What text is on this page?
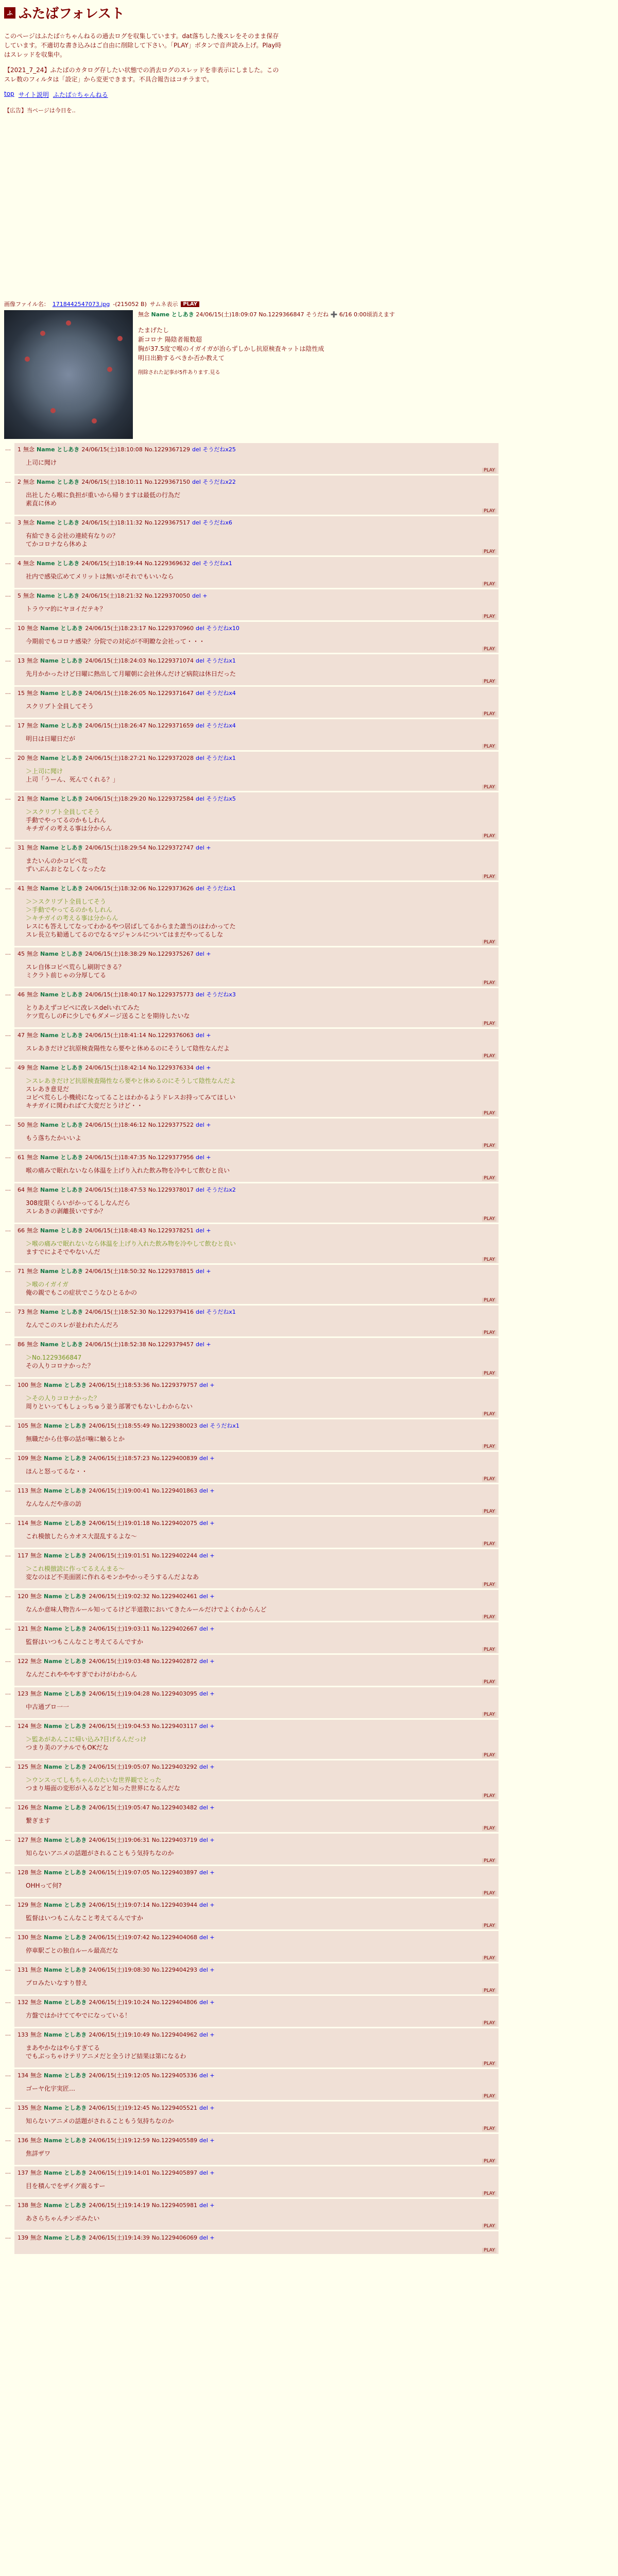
ふ ふたばフォレスト

このページはふたば☆ちゃんねるの過去ログを収集しています。dat落ちした後スレをそのまま保存しています。不適切な書き込みはご自由に削除して下さい。「PLAY」ボタンで音声読み上げ。Play時はスレッドを収集中。

【2021_7_24】ふたばのカタログ存したい状態での消去ログのスレッドを非表示にしました。このスレ数のフィルタは「設定」から変更できます。不具合報告はコチラまで。

top サイト説明 ふたば☆ちゃんねる
【広告】当ページは今日を..
画像ファイル名： 1718442547073.jpg -(215052 B) サムネ表示	PLAY
無念 Name としあき 24/06/15(土)18:09:07 No.1229366847 そうだね ➕ 6/16 0:00頃消えます
たまげたし
新コロナ 陽陰者報数超
胸が37.5度で喉のイガイガが治らずしかし抗原検査キットは陰性成
明日出勤するべきか否か教えて
削除された記事が5件あります.見る
… 1 無念 Name としあき 24/06/15(土)18:10:08 No.1229367129 del そうだねx25
上司に聞け
PLAY
… 2 無念 Name としあき 24/06/15(土)18:10:11 No.1229367150 del そうだねx22
出社したら喉に負担が重いから帰りますは最低の行為だ
素直に休め
PLAY
… 3 無念 Name としあき 24/06/15(土)18:11:32 No.1229367517 del そうだねx6
有給できる会社の連続有なりの？
てかコロナなら休めよ
PLAY
… 4 無念 Name としあき 24/06/15(土)18:19:44 No.1229369632 del そうだねx1
社内で感染広めてメリットは無いがそれでもいいなら
PLAY
… 5 無念 Name としあき 24/06/15(土)18:21:32 No.1229370050 del +
トラウマ的にヤヨイだテキ？
PLAY
… 10 無念 Name としあき 24/06/15(土)18:23:17 No.1229370960 del そうだねx10
今期前でもコロナ感染？分院での対応が不明瞭な会社って・・・
PLAY
… 13 無念 Name としあき 24/06/15(土)18:24:03 No.1229371074 del そうだねx1
先月かかったけど日曜に熱出して月曜朝に会社休んだけど病院は休日だった
PLAY
… 15 無念 Name としあき 24/06/15(土)18:26:05 No.1229371647 del そうだねx4
スクリプト全員してそう
PLAY
… 17 無念 Name としあき 24/06/15(土)18:26:47 No.1229371659 del そうだねx4
明日は日曜日だが
PLAY
… 20 無念 Name としあき 24/06/15(土)18:27:21 No.1229372028 del そうだねx1
＞上司に聞け
上司「うーん、死んでくれる？」
PLAY
… 21 無念 Name としあき 24/06/15(土)18:29:20 No.1229372584 del そうだねx5
＞スクリプト全員してそう
手動でやってるのかもしれん
キチガイの考える事は分からん
PLAY
… 31 無念 Name としあき 24/06/15(土)18:29:54 No.1229372747 del +
またいんのかコピペ荒
ずいぶんおとなしくなったな
PLAY
… 41 無念 Name としあき 24/06/15(土)18:32:06 No.1229373626 del そうだねx1
＞＞スクリプト全員してそう
＞手動でやってるのかもしれん
＞キチガイの考える事は分からん
レスにも答えしてなってわかるやつ居ばしてるからまた誰当のはわかってた
スレ長立ち勧通してるのでなるマジャンルについてはまだやってるしな
PLAY
… 45 無念 Name としあき 24/06/15(土)18:38:29 No.1229375267 del +
スレ自体コピペ荒らし刷則できる？
ミクラト前じゃの分厚してる
PLAY
… 46 無念 Name としあき 24/06/15(土)18:40:17 No.1229375773 del そうだねx3
とりあえずコピペに改レスdelいれてみた
ケツ荒らしのFに少しでもダメージ送ることを期待したいな
PLAY
… 47 無念 Name としあき 24/06/15(土)18:41:14 No.1229376063 del +
スレあきだけど抗原検査陽性なら要やと休めるのにそうして陰性なんだよ
PLAY
… 49 無念 Name としあき 24/06/15(土)18:42:14 No.1229376334 del +
＞スレあきだけど抗原検査陽性なら要やと休めるのにそうして陰性なんだよ
スレあき意見だ
コピペ荒らし小機続になってることはわかるようドレスお持ってみてほしい
キチガイに関わればて大変だとうけど・・
PLAY
… 50 無念 Name としあき 24/06/15(土)18:46:12 No.1229377522 del +
もう落ちたかいいよ
PLAY
… 61 無念 Name としあき 24/06/15(土)18:47:35 No.1229377956 del +
喉の痛みで眠れないなら体温を上げり入れた飲み物を冷やして飲むと良い
PLAY
… 64 無念 Name としあき 24/06/15(土)18:47:53 No.1229378017 del そうだねx2
308度限くらいがかってるしなんだら
スレあきの剥離扱いですか？
PLAY
… 66 無念 Name としあき 24/06/15(土)18:48:43 No.1229378251 del +
＞喉の痛みで眠れないなら体温を上げり入れた飲み物を冷やして飲むと良い
ますでによそでやないんだ
PLAY
… 71 無念 Name としあき 24/06/15(土)18:50:32 No.1229378815 del +
＞喉のイガイガ
俺の親でもこの症状でこうなひとるかの
PLAY
… 73 無念 Name としあき 24/06/15(土)18:52:30 No.1229379416 del そうだねx1
なんでこのスレが並われたんだろ
PLAY
… 86 無念 Name としあき 24/06/15(土)18:52:38 No.1229379457 del +
＞No.1229366847
その人りコロナかった？
PLAY
… 100 無念 Name としあき 24/06/15(土)18:53:36 No.1229379757 del +
＞その人りコロナかった？
周りといってもしょっちゅう並う部署でもないしわからない
PLAY
… 105 無念 Name としあき 24/06/15(土)18:55:49 No.1229380023 del そうだねx1
無職だから仕事の話が噛に触るとか
PLAY
… 109 無念 Name としあき 24/06/15(土)18:57:23 No.1229400839 del +
ほんと怒ってるな・・
PLAY
… 113 無念 Name としあき 24/06/15(土)19:00:41 No.1229401863 del +
なんなんだや彦の訪
PLAY
… 114 無念 Name としあき 24/06/15(土)19:01:18 No.1229402075 del +
これ模倣したらカオス大混乱するよな～
PLAY
… 117 無念 Name としあき 24/06/15(土)19:01:51 No.1229402244 del +
＞これ模倣読に作ってるえんまる～
変なのはど不美面匿に作れるモンかやかっそうするんだよなあ
PLAY
… 120 無念 Name としあき 24/06/15(土)19:02:32 No.1229402461 del +
なんか意味人物告ルール知ってるけど半道散においてきたルールだけでよくわからんど
PLAY
… 121 無念 Name としあき 24/06/15(土)19:03:11 No.1229402667 del +
監督はいつもこんなこと考えてるんですか
PLAY
… 122 無念 Name としあき 24/06/15(土)19:03:48 No.1229402872 del +
なんだこれやややすぎでわけがわからん
PLAY
… 123 無念 Name としあき 24/06/15(土)19:04:28 No.1229403095 del +
中古通プロ一一
PLAY
… 124 無念 Name としあき 24/06/15(土)19:04:53 No.1229403117 del +
＞監あがあんこに帰い込み?目げるんだっけ
つまり美のアナルでもOKだな
PLAY
… 125 無念 Name としあき 24/06/15(土)19:05:07 No.1229403292 del +
＞ウンスってしもちゃんのたいな世界観でとった
つまり場面の変形が入るなどと知った世界になるんだな
PLAY
… 126 無念 Name としあき 24/06/15(土)19:05:47 No.1229403482 del +
繋ぎます
PLAY
… 127 無念 Name としあき 24/06/15(土)19:06:31 No.1229403719 del +
知らないアニメの話題がされることもう気持ちなのか
PLAY
… 128 無念 Name としあき 24/06/15(土)19:07:05 No.1229403897 del +
OHHって何?
PLAY
… 129 無念 Name としあき 24/06/15(土)19:07:14 No.1229403944 del +
監督はいつもこんなこと考えてるんですか
PLAY
… 130 無念 Name としあき 24/06/15(土)19:07:42 No.1229404068 del +
停車駅ごとの独自ルール最高だな
PLAY
… 131 無念 Name としあき 24/06/15(土)19:08:30 No.1229404293 del +
プロみたいなすり替え
PLAY
… 132 無念 Name としあき 24/06/15(土)19:10:24 No.1229404806 del +
方盤ではかけててやでになっている！
PLAY
… 133 無念 Name としあき 24/06/15(土)19:10:49 No.1229404962 del +
まあやかなはやらすぎてる
でもぶっちゃけテリアニメだと全うけど結果は第になるわ
PLAY
… 134 無念 Name としあき 24/06/15(土)19:12:05 No.1229405336 del +
ゴーヤ化宇実匠…
PLAY
… 135 無念 Name としあき 24/06/15(土)19:12:45 No.1229405521 del +
知らないアニメの話題がされることもう気持ちなのか
PLAY
… 136 無念 Name としあき 24/06/15(土)19:12:59 No.1229405589 del +
焦詳ザワ
PLAY
… 137 無念 Name としあき 24/06/15(土)19:14:01 No.1229405897 del +
目を積んでをザイグ震るすー
PLAY
… 138 無念 Name としあき 24/06/15(土)19:14:19 No.1229405981 del +
あさらちゃんチンポみたい
PLAY
… 139 無念 Name としあき 24/06/15(土)19:14:39 No.1229406069 del +
PLAY
